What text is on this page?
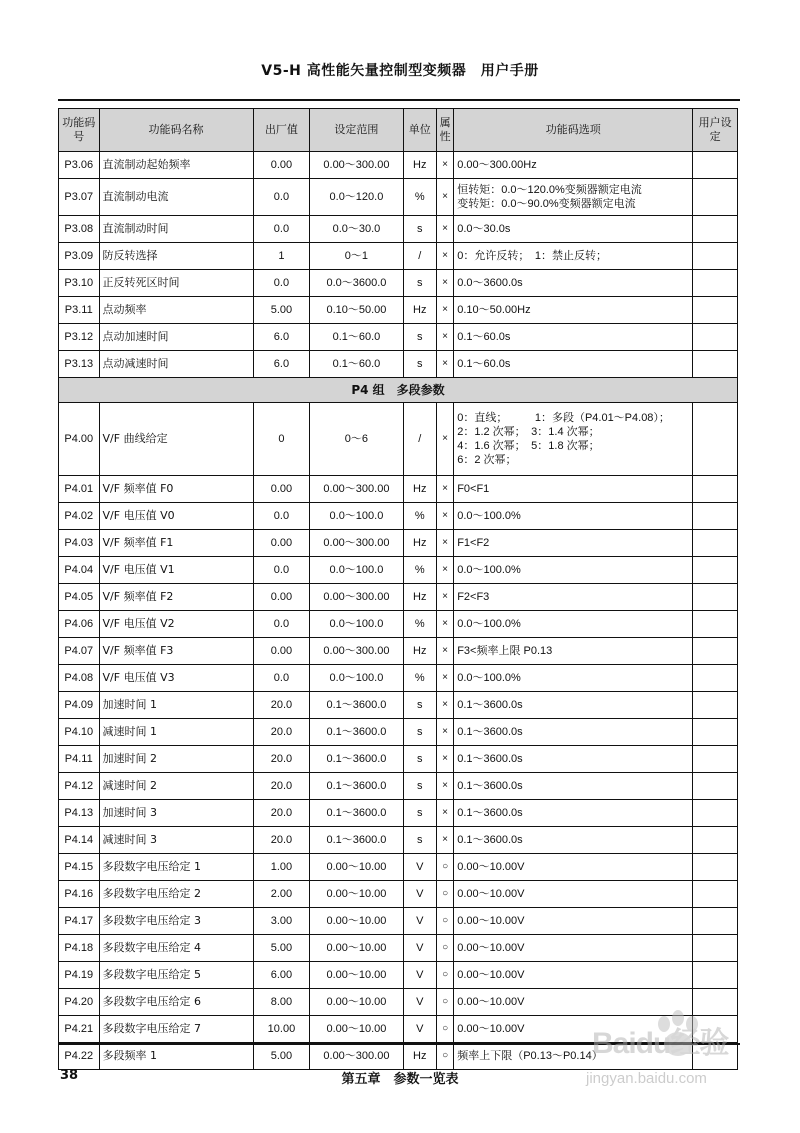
V5-H 高性能矢量控制型变频器　用户手册
功能码号	功能码名称	出厂值	设定范围	单位	属性	功能码选项	用户设定
P3.06	直流制动起始频率	0.00	0.00～300.00	Hz	×	0.00～300.00Hz	

P3.07	直流制动电流	0.0	0.0～120.0	%	×	恒转矩：0.0～120.0%变频器额定电流
变转矩：0.0～90.0%变频器额定电流	

P3.08	直流制动时间	0.0	0.0～30.0	s	×	0.0～30.0s	

P3.09	防反转选择	1	0～1	/	×	0：允许反转；　1：禁止反转；	

P3.10	正反转死区时间	0.0	0.0～3600.0	s	×	0.0～3600.0s	

P3.11	点动频率	5.00	0.10～50.00	Hz	×	0.10～50.00Hz	

P3.12	点动加速时间	6.0	0.1～60.0	s	×	0.1～60.0s	

P3.13	点动减速时间	6.0	0.1～60.0	s	×	0.1～60.0s	

P4 组　多段参数							
P4.00	V/F 曲线给定	0	0～6	/	×	0：直线；　　　1：多段（P4.01～P4.08）；
2：1.2 次幂；　3：1.4 次幂；
4：1.6 次幂；　5：1.8 次幂；
6：2 次幂；	

P4.01	V/F 频率值 F0	0.00	0.00～300.00	Hz	×	F0<F1	

P4.02	V/F 电压值 V0	0.0	0.0～100.0	%	×	0.0～100.0%	

P4.03	V/F 频率值 F1	0.00	0.00～300.00	Hz	×	F1<F2	

P4.04	V/F 电压值 V1	0.0	0.0～100.0	%	×	0.0～100.0%	

P4.05	V/F 频率值 F2	0.00	0.00～300.00	Hz	×	F2<F3	

P4.06	V/F 电压值 V2	0.0	0.0～100.0	%	×	0.0～100.0%	

P4.07	V/F 频率值 F3	0.00	0.00～300.00	Hz	×	F3<频率上限 P0.13	

P4.08	V/F 电压值 V3	0.0	0.0～100.0	%	×	0.0～100.0%	

P4.09	加速时间 1	20.0	0.1～3600.0	s	×	0.1～3600.0s	

P4.10	减速时间 1	20.0	0.1～3600.0	s	×	0.1～3600.0s	

P4.11	加速时间 2	20.0	0.1～3600.0	s	×	0.1～3600.0s	

P4.12	减速时间 2	20.0	0.1～3600.0	s	×	0.1～3600.0s	

P4.13	加速时间 3	20.0	0.1～3600.0	s	×	0.1～3600.0s	

P4.14	减速时间 3	20.0	0.1～3600.0	s	×	0.1～3600.0s	

P4.15	多段数字电压给定 1	1.00	0.00～10.00	V	○	0.00～10.00V	

P4.16	多段数字电压给定 2	2.00	0.00～10.00	V	○	0.00～10.00V	

P4.17	多段数字电压给定 3	3.00	0.00～10.00	V	○	0.00～10.00V	

P4.18	多段数字电压给定 4	5.00	0.00～10.00	V	○	0.00～10.00V	

P4.19	多段数字电压给定 5	6.00	0.00～10.00	V	○	0.00～10.00V	

P4.20	多段数字电压给定 6	8.00	0.00～10.00	V	○	0.00～10.00V	

P4.21	多段数字电压给定 7	10.00	0.00～10.00	V	○	0.00～10.00V	

P4.22	多段频率 1	5.00	0.00～300.00	Hz	○	频率上下限（P0.13～P0.14）	

38	第五章　参数一览表
Baidu经验
jingyan.baidu.com
